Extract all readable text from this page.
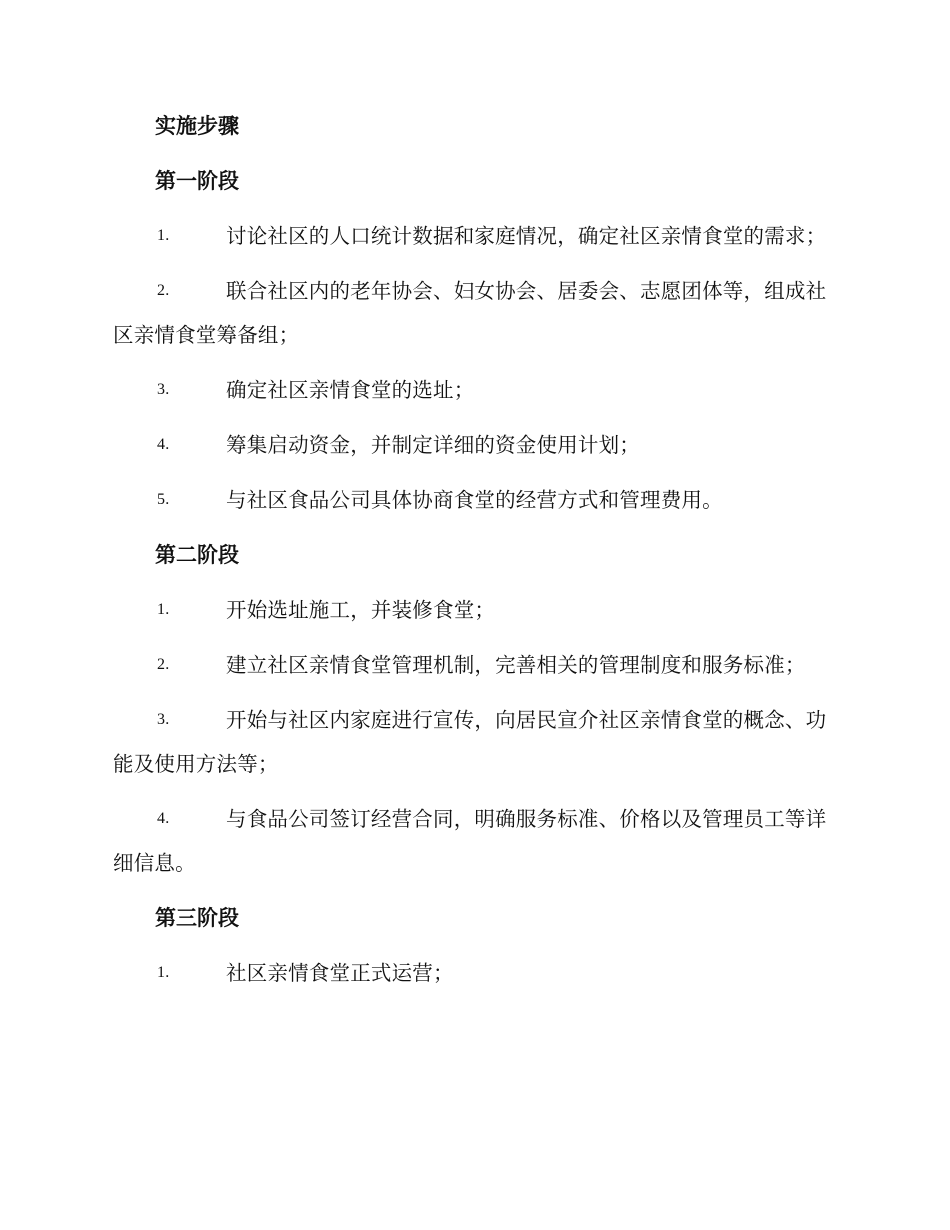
实施步骤
第一阶段
1.	讨论社区的人口统计数据和家庭情况，确定社区亲情食堂的需求；
2.	联合社区内的老年协会、妇女协会、居委会、志愿团体等，组成社区亲情食堂筹备组；
3.	确定社区亲情食堂的选址；
4.	筹集启动资金，并制定详细的资金使用计划；
5.	与社区食品公司具体协商食堂的经营方式和管理费用。
第二阶段
1.	开始选址施工，并装修食堂；
2.	建立社区亲情食堂管理机制，完善相关的管理制度和服务标准；
3.	开始与社区内家庭进行宣传，向居民宣介社区亲情食堂的概念、功能及使用方法等；
4.	与食品公司签订经营合同，明确服务标准、价格以及管理员工等详细信息。
第三阶段
1.	社区亲情食堂正式运营；
